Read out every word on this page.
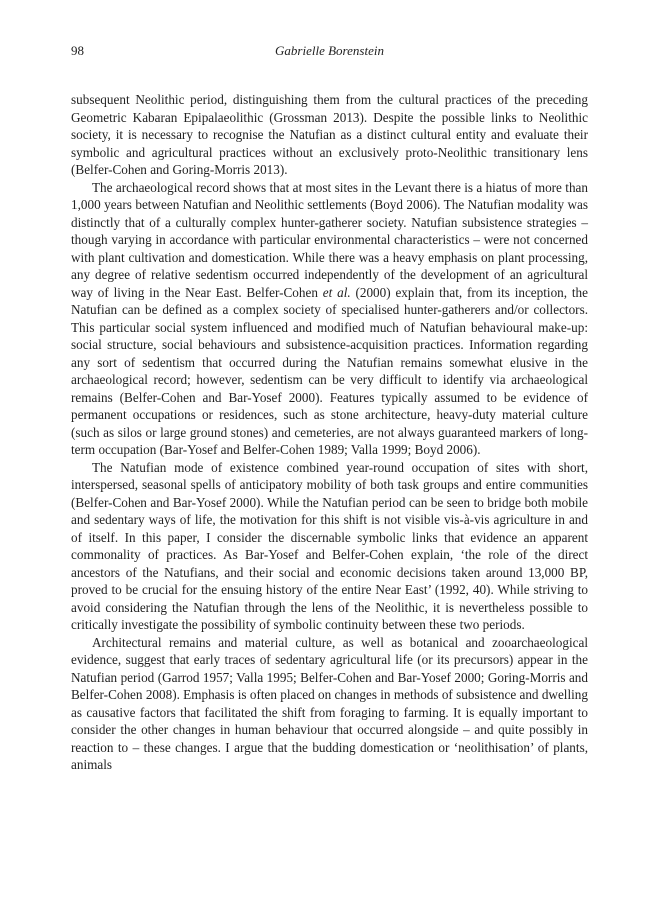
98	Gabrielle Borenstein

subsequent Neolithic period, distinguishing them from the cultural practices of the preceding Geometric Kabaran Epipalaeolithic (Grossman 2013). Despite the possible links to Neolithic society, it is necessary to recognise the Natufian as a distinct cultural entity and evaluate their symbolic and agricultural practices without an exclusively proto-Neolithic transitionary lens (Belfer-Cohen and Goring-Morris 2013).

The archaeological record shows that at most sites in the Levant there is a hiatus of more than 1,000 years between Natufian and Neolithic settlements (Boyd 2006). The Natufian modality was distinctly that of a culturally complex hunter-gatherer society. Natufian subsistence strategies – though varying in accordance with particular environmental characteristics – were not concerned with plant cultivation and domestication. While there was a heavy emphasis on plant processing, any degree of relative sedentism occurred independently of the development of an agricultural way of living in the Near East. Belfer-Cohen et al. (2000) explain that, from its inception, the Natufian can be defined as a complex society of specialised hunter-gatherers and/or collectors. This particular social system influenced and modified much of Natufian behavioural make-up: social structure, social behaviours and subsistence-acquisition practices. Information regarding any sort of sedentism that occurred during the Natufian remains somewhat elusive in the archaeological record; however, sedentism can be very difficult to identify via archaeological remains (Belfer-Cohen and Bar-Yosef 2000). Features typically assumed to be evidence of permanent occupations or residences, such as stone architecture, heavy-duty material culture (such as silos or large ground stones) and cemeteries, are not always guaranteed markers of long-term occupation (Bar-Yosef and Belfer-Cohen 1989; Valla 1999; Boyd 2006).

The Natufian mode of existence combined year-round occupation of sites with short, interspersed, seasonal spells of anticipatory mobility of both task groups and entire communities (Belfer-Cohen and Bar-Yosef 2000). While the Natufian period can be seen to bridge both mobile and sedentary ways of life, the motivation for this shift is not visible vis-à-vis agriculture in and of itself. In this paper, I consider the discernable symbolic links that evidence an apparent commonality of practices. As Bar-Yosef and Belfer-Cohen explain, ‘the role of the direct ancestors of the Natufians, and their social and economic decisions taken around 13,000 BP, proved to be crucial for the ensuing history of the entire Near East’ (1992, 40). While striving to avoid considering the Natufian through the lens of the Neolithic, it is nevertheless possible to critically investigate the possibility of symbolic continuity between these two periods.

Architectural remains and material culture, as well as botanical and zooarchaeological evidence, suggest that early traces of sedentary agricultural life (or its precursors) appear in the Natufian period (Garrod 1957; Valla 1995; Belfer-Cohen and Bar-Yosef 2000; Goring-Morris and Belfer-Cohen 2008). Emphasis is often placed on changes in methods of subsistence and dwelling as causative factors that facilitated the shift from foraging to farming. It is equally important to consider the other changes in human behaviour that occurred alongside – and quite possibly in reaction to – these changes. I argue that the budding domestication or ‘neolithisation’ of plants, animals
